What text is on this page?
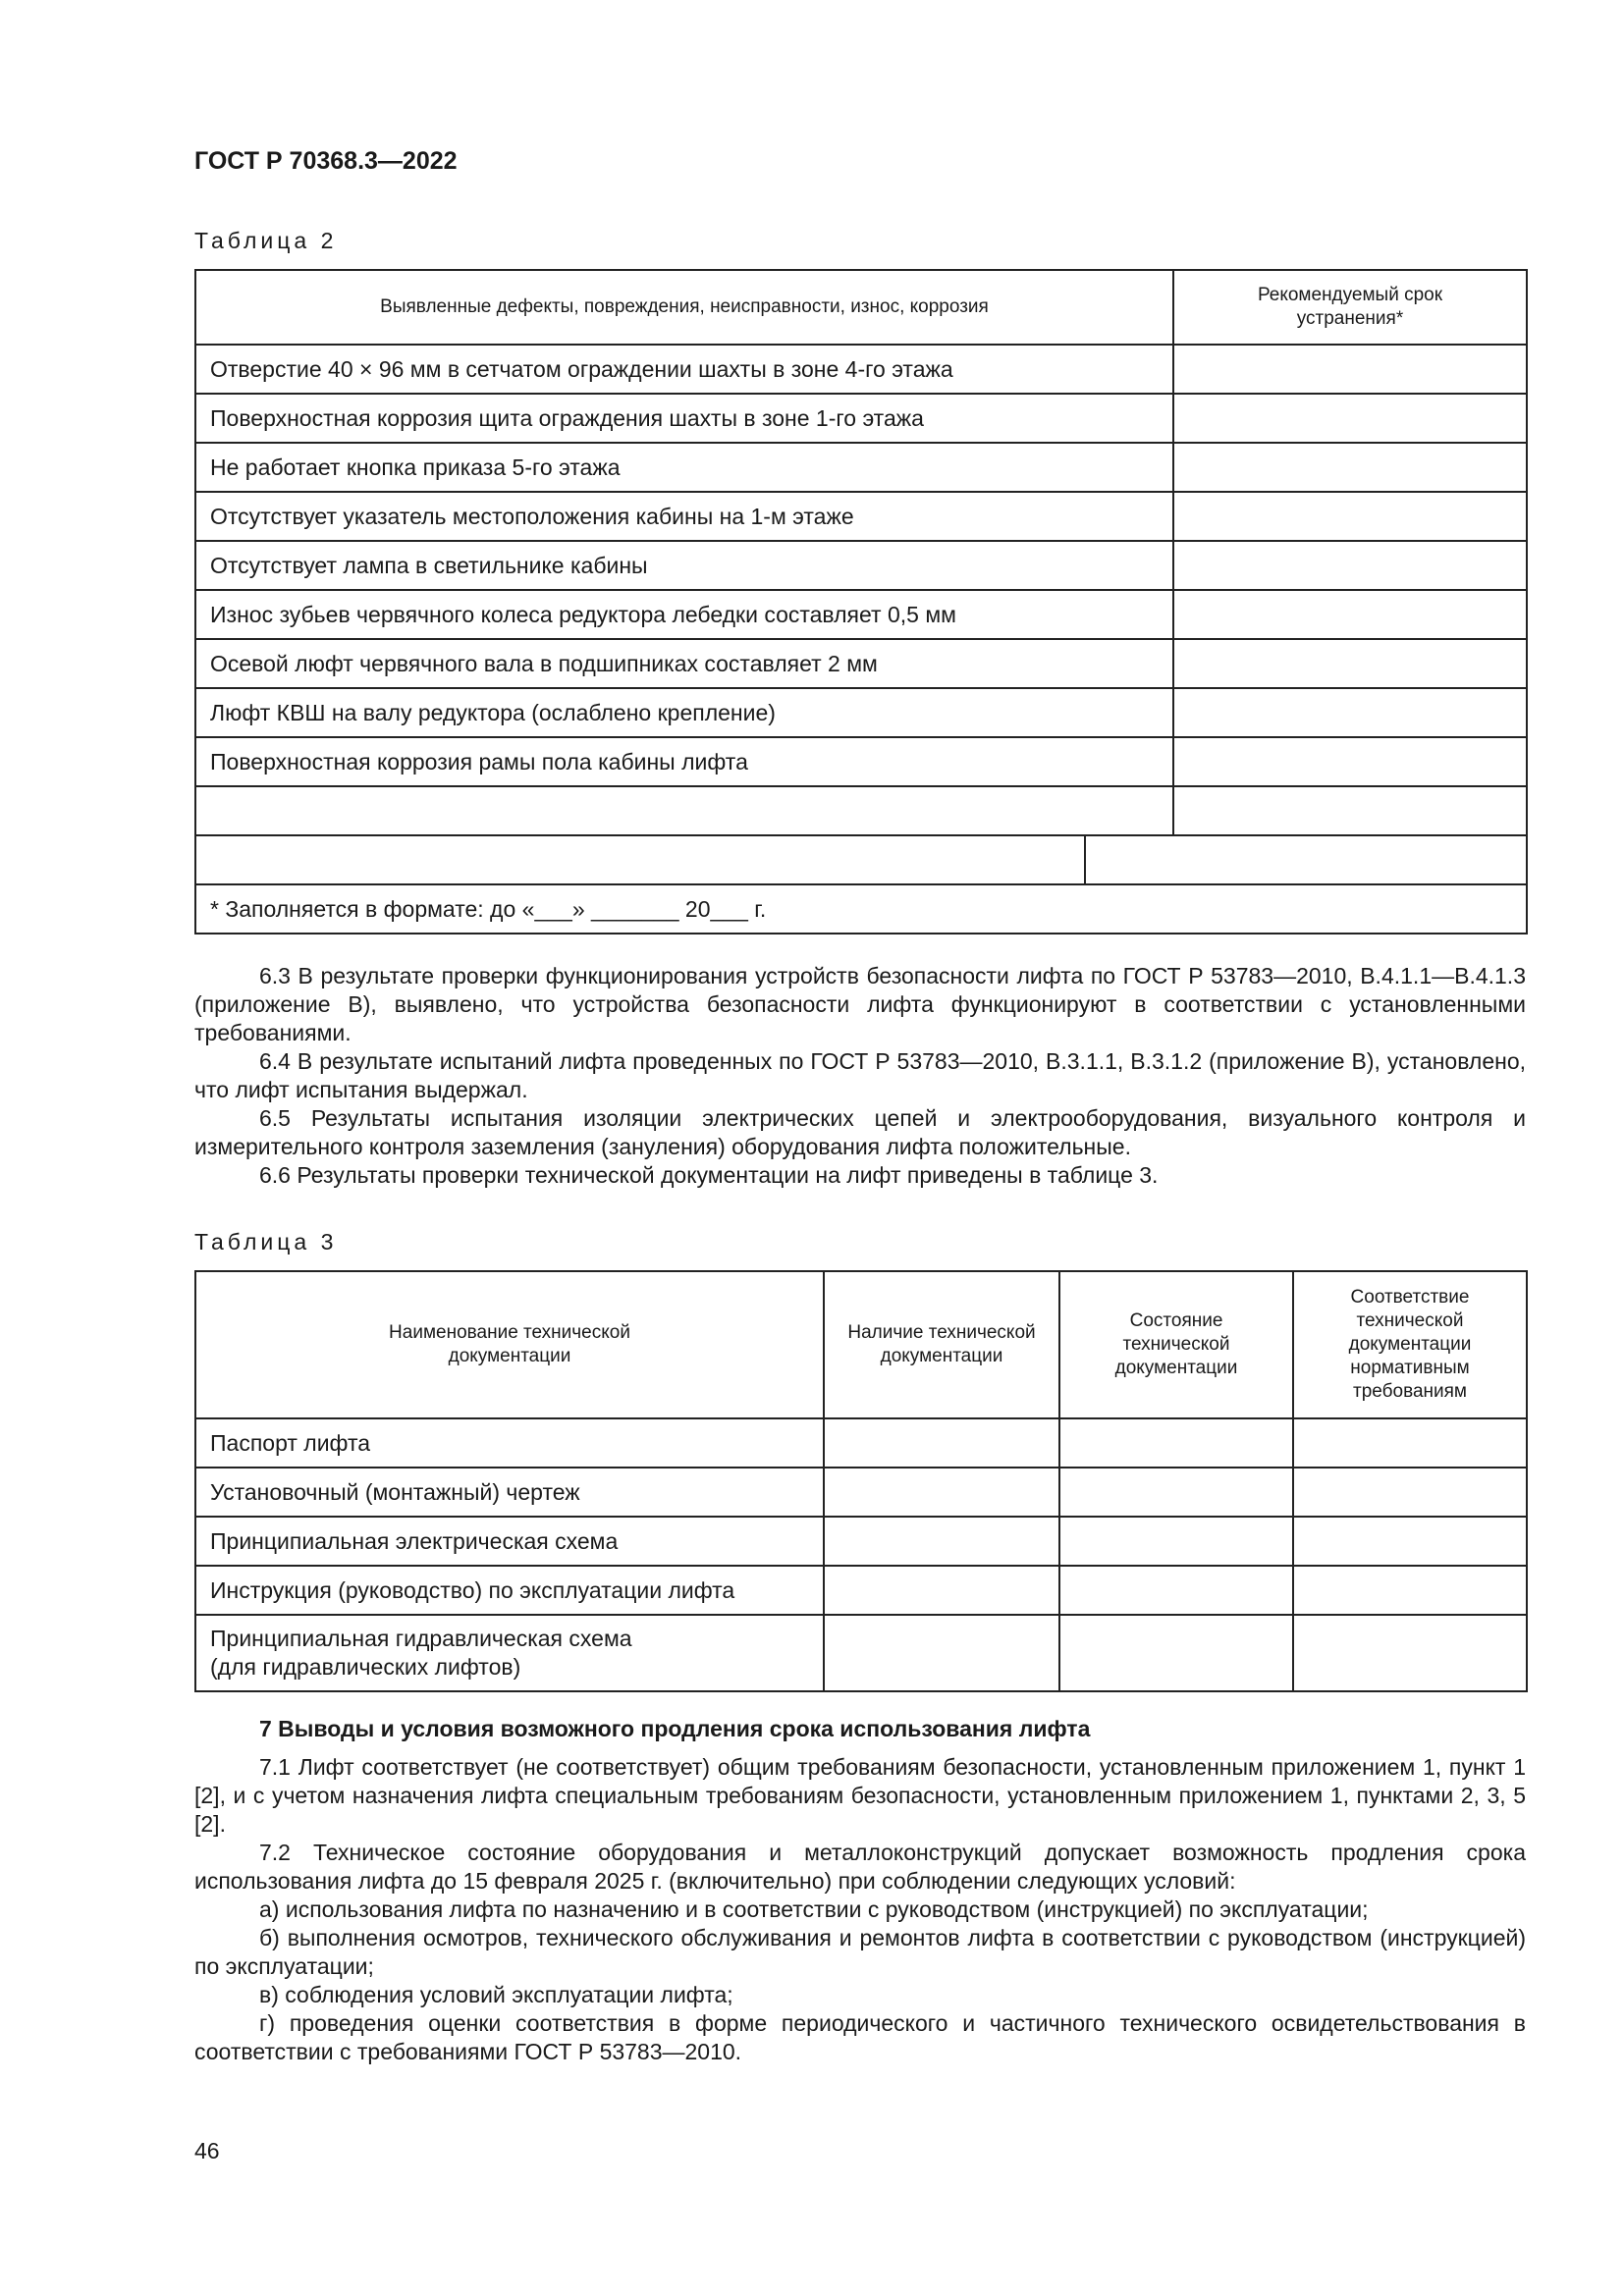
ГОСТ Р 70368.3—2022
Таблица 2
Выявленные дефекты, повреждения, неисправности, износ, коррозия	Рекомендуемый срок устранения*
Отверстие 40 × 96 мм в сетчатом ограждении шахты в зоне 4-го этажа	
Поверхностная коррозия щита ограждения шахты в зоне 1-го этажа	
Не работает кнопка приказа 5-го этажа	
Отсутствует указатель местоположения кабины на 1-м этаже	
Отсутствует лампа в светильнике кабины	
Износ зубьев червячного колеса редуктора лебедки составляет 0,5 мм	
Осевой люфт червячного вала в подшипниках составляет 2 мм	
Люфт КВШ на валу редуктора (ослаблено крепление)	
Поверхностная коррозия рамы пола кабины лифта	

* Заполняется в формате: до «___» _______ 20___ г.
6.3 В результате проверки функционирования устройств безопасности лифта по ГОСТ Р 53783—2010, В.4.1.1—В.4.1.3 (приложение В), выявлено, что устройства безопасности лифта функционируют в соответствии с установленными требованиями.
6.4 В результате испытаний лифта проведенных по ГОСТ Р 53783—2010, В.3.1.1, В.3.1.2 (приложение В), установлено, что лифт испытания выдержал.
6.5 Результаты испытания изоляции электрических цепей и электрооборудования, визуального контроля и измерительного контроля заземления (зануления) оборудования лифта положительные.
6.6 Результаты проверки технической документации на лифт приведены в таблице 3.
Таблица 3
Наименование технической документации	Наличие технической документации	Состояние технической документации	Соответствие технической документации нормативным требованиям
Паспорт лифта			
Установочный (монтажный) чертеж			
Принципиальная электрическая схема			
Инструкция (руководство) по эксплуатации лифта			
Принципиальная гидравлическая схема (для гидравлических лифтов)			
7 Выводы и условия возможного продления срока использования лифта
7.1 Лифт соответствует (не соответствует) общим требованиям безопасности, установленным приложением 1, пункт 1 [2], и с учетом назначения лифта специальным требованиям безопасности, установленным приложением 1, пунктами 2, 3, 5 [2].
7.2 Техническое состояние оборудования и металлоконструкций допускает возможность продления срока использования лифта до 15 февраля 2025 г. (включительно) при соблюдении следующих условий:
а) использования лифта по назначению и в соответствии с руководством (инструкцией) по эксплуатации;
б) выполнения осмотров, технического обслуживания и ремонтов лифта в соответствии с руководством (инструкцией) по эксплуатации;
в) соблюдения условий эксплуатации лифта;
г) проведения оценки соответствия в форме периодического и частичного технического освидетельствования в соответствии с требованиями ГОСТ Р 53783—2010.
46
